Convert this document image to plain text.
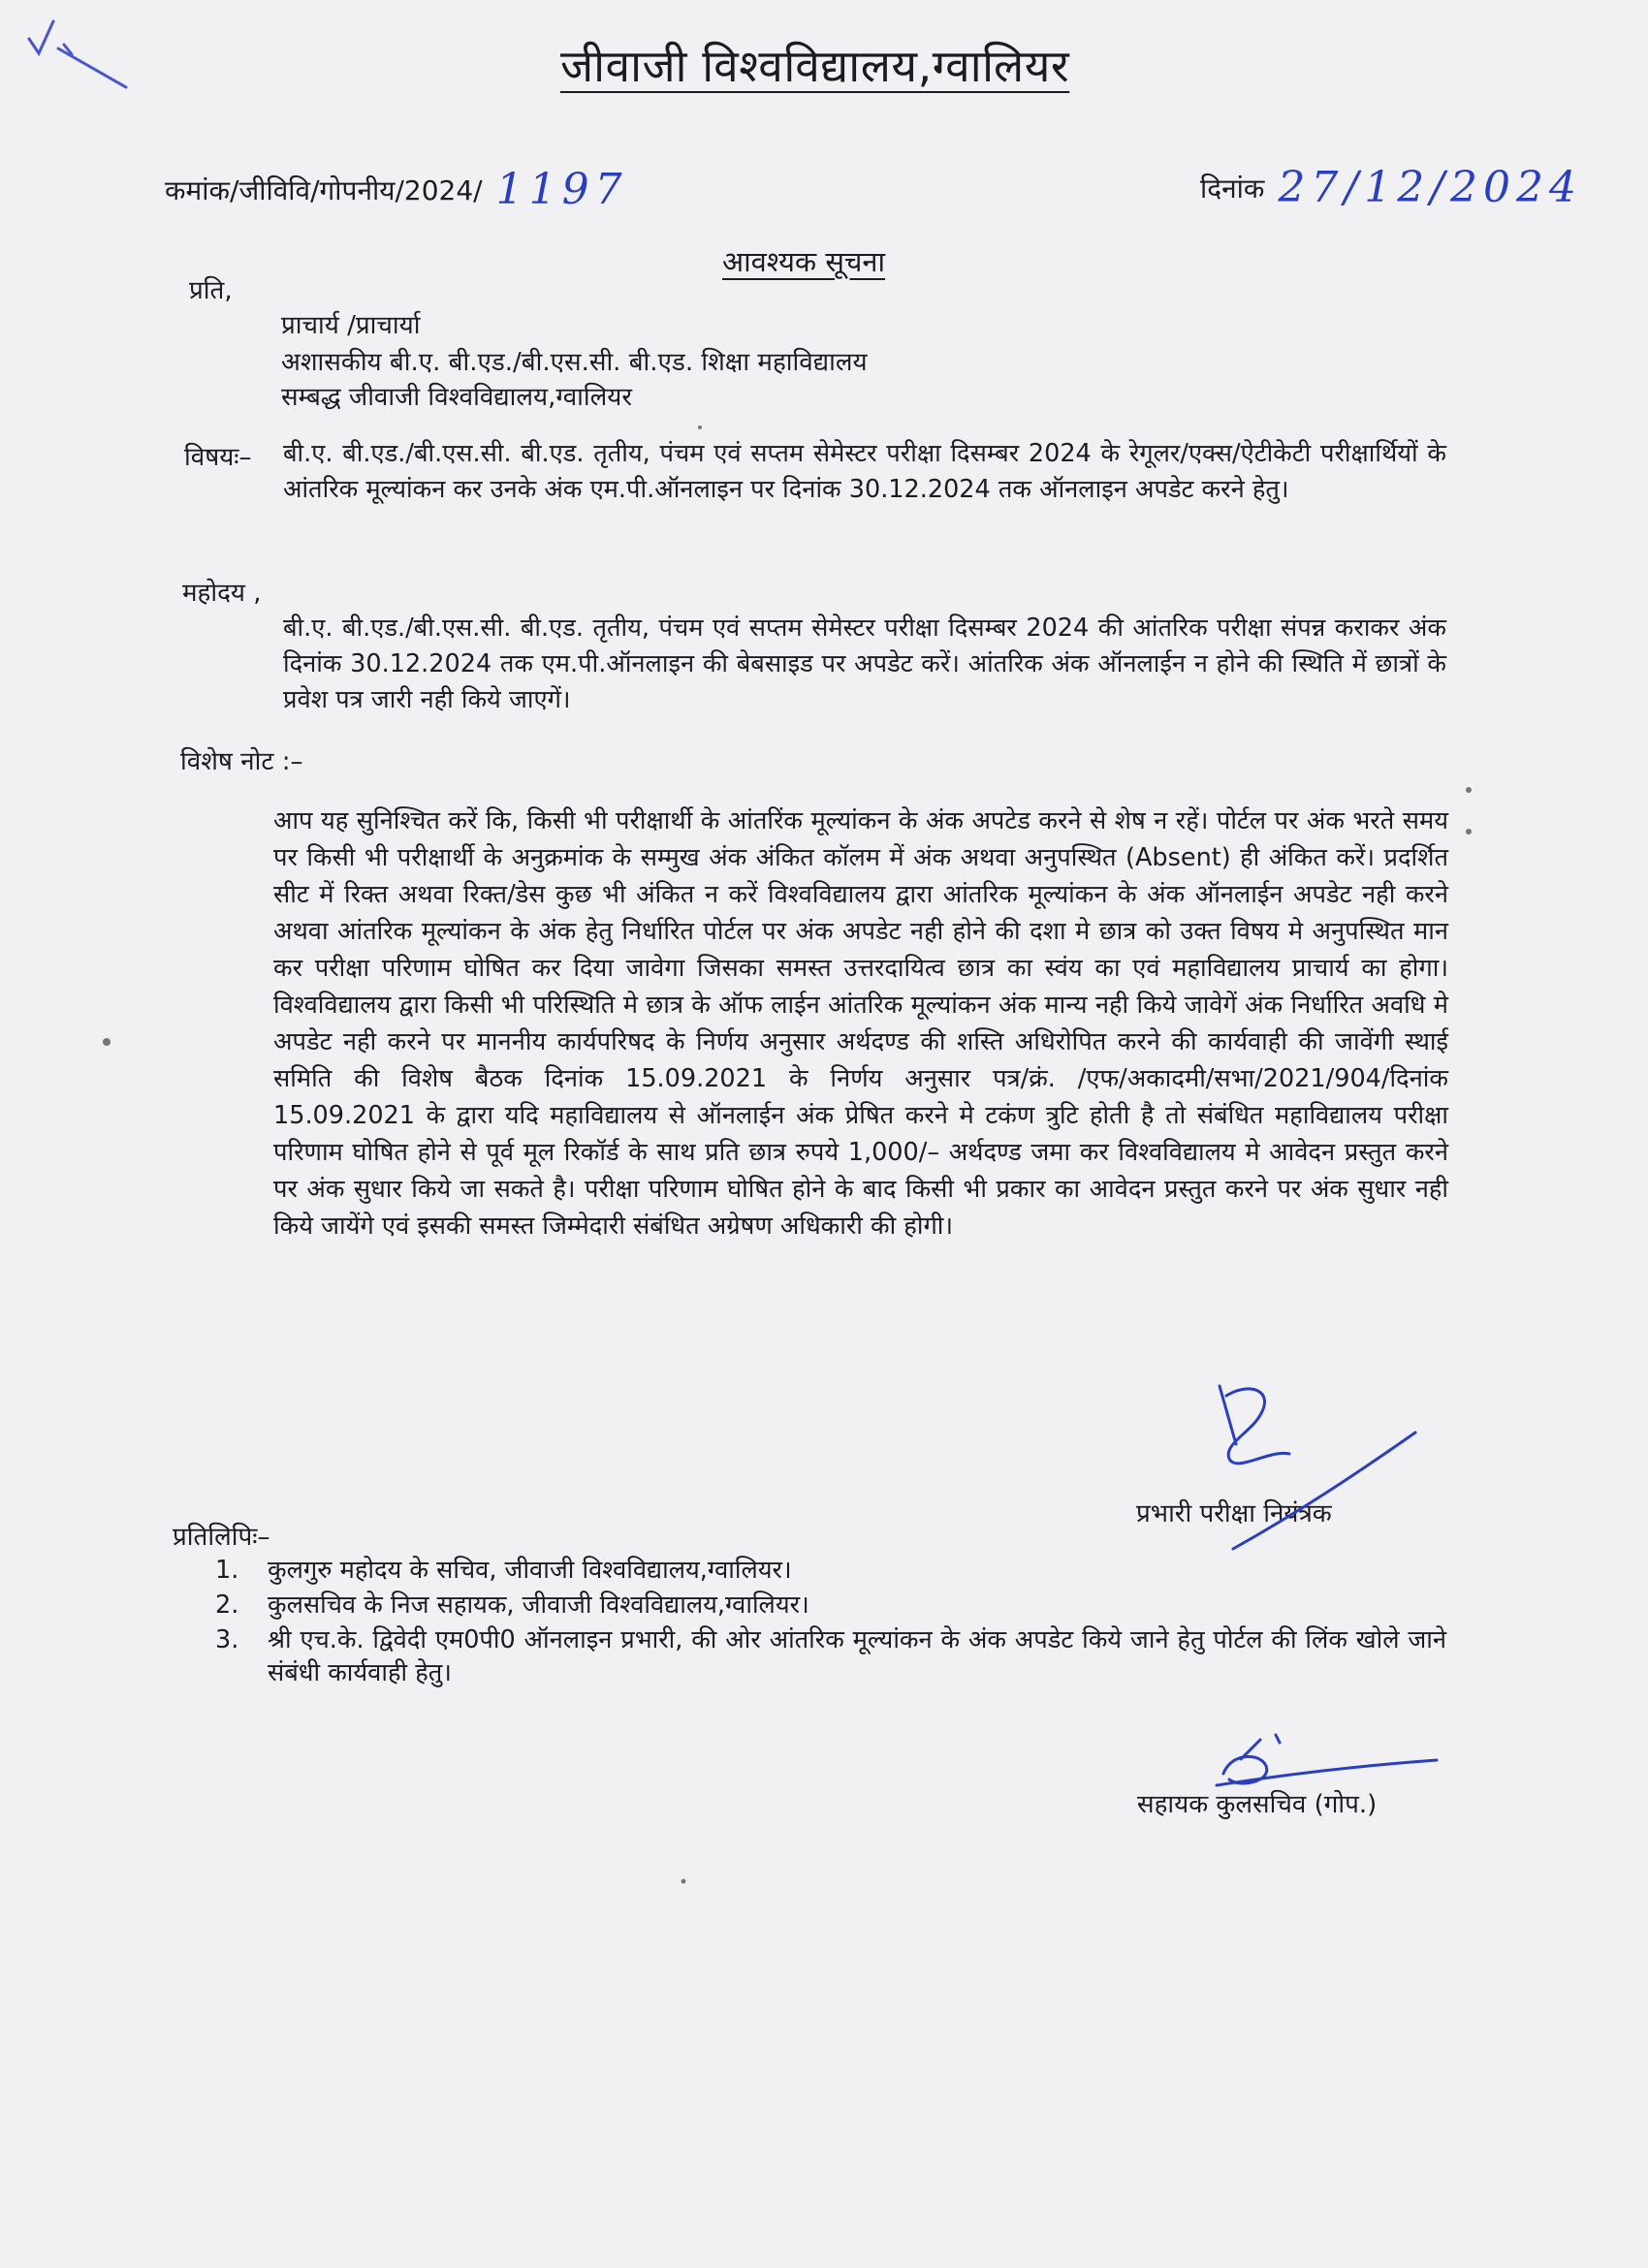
जीवाजी विश्वविद्यालय,ग्वालियर
कमांक/जीविवि/गोपनीय/2024/ 1197	दिनांक 27/12/2024
आवश्यक सूचना
प्रति,
प्राचार्य /प्राचार्या
अशासकीय बी.ए. बी.एड./बी.एस.सी. बी.एड. शिक्षा महाविद्यालय
सम्बद्ध जीवाजी विश्वविद्यालय,ग्वालियर
विषयः– बी.ए. बी.एड./बी.एस.सी. बी.एड. तृतीय, पंचम एवं सप्तम सेमेस्टर परीक्षा दिसम्बर 2024 के रेगूलर/एक्स/ऐटीकेटी परीक्षार्थियों के आंतरिक मूल्यांकन कर उनके अंक एम.पी.ऑनलाइन पर दिनांक 30.12.2024 तक ऑनलाइन अपडेट करने हेतु।

महोदय ,

बी.ए. बी.एड./बी.एस.सी. बी.एड. तृतीय, पंचम एवं सप्तम सेमेस्टर परीक्षा दिसम्बर 2024 की आंतरिक परीक्षा संपन्न कराकर अंक दिनांक 30.12.2024 तक एम.पी.ऑनलाइन की बेबसाइड पर अपडेट करें। आंतरिक अंक ऑनलाईन न होने की स्थिति में छात्रों के प्रवेश पत्र जारी नही किये जाएगें।

विशेष नोट :–

आप यह सुनिश्चित करें कि, किसी भी परीक्षार्थी के आंतरिंक मूल्यांकन के अंक अपटेड करने से शेष न रहें। पोर्टल पर अंक भरते समय पर किसी भी परीक्षार्थी के अनुक्रमांक के सम्मुख अंक अंकित कॉलम में अंक अथवा अनुपस्थित (Absent) ही अंकित करें। प्रदर्शित सीट में रिक्त अथवा रिक्त/डेस कुछ भी अंकित न करें विश्वविद्यालय द्वारा आंतरिक मूल्यांकन के अंक ऑनलाईन अपडेट नही करने अथवा आंतरिक मूल्यांकन के अंक हेतु निर्धारित पोर्टल पर अंक अपडेट नही होने की दशा मे छात्र को उक्त विषय मे अनुपस्थित मान कर परीक्षा परिणाम घोषित कर दिया जावेगा जिसका समस्त उत्तरदायित्व छात्र का स्वंय का एवं महाविद्यालय प्राचार्य का होगा। विश्वविद्यालय द्वारा किसी भी परिस्थिति मे छात्र के ऑफ लाईन आंतरिक मूल्यांकन अंक मान्य नही किये जावेगें अंक निर्धारित अवधि मे अपडेट नही करने पर माननीय कार्यपरिषद के निर्णय अनुसार अर्थदण्ड की शस्ति अधिरोपित करने की कार्यवाही की जावेंगी स्थाई समिति की विशेष बैठक दिनांक 15.09.2021 के निर्णय अनुसार पत्र/क्रं. /एफ/अकादमी/सभा/2021/904/दिनांक 15.09.2021 के द्वारा यदि महाविद्यालय से ऑनलाईन अंक प्रेषित करने मे टकंण त्रुटि होती है तो संबंधित महाविद्यालय परीक्षा परिणाम घोषित होने से पूर्व मूल रिकॉर्ड के साथ प्रति छात्र रुपये 1,000/– अर्थदण्ड जमा कर विश्वविद्यालय मे आवेदन प्रस्तुत करने पर अंक सुधार किये जा सकते है। परीक्षा परिणाम घोषित होने के बाद किसी भी प्रकार का आवेदन प्रस्तुत करने पर अंक सुधार नही किये जायेंगे एवं इसकी समस्त जिम्मेदारी संबंधित अग्रेषण अधिकारी की होगी।

प्रभारी परीक्षा नियंत्रक
प्रतिलिपिः–
1.	कुलगुरु महोदय के सचिव, जीवाजी विश्वविद्यालय,ग्वालियर।
2.	कुलसचिव के निज सहायक, जीवाजी विश्वविद्यालय,ग्वालियर।
3.	श्री एच.के. द्विवेदी एम0पी0 ऑनलाइन प्रभारी, की ओर आंतरिक मूल्यांकन के अंक अपडेट किये जाने हेतु पोर्टल की लिंक खोले जाने संबंधी कार्यवाही हेतु।
सहायक कुलसचिव (गोप.)
